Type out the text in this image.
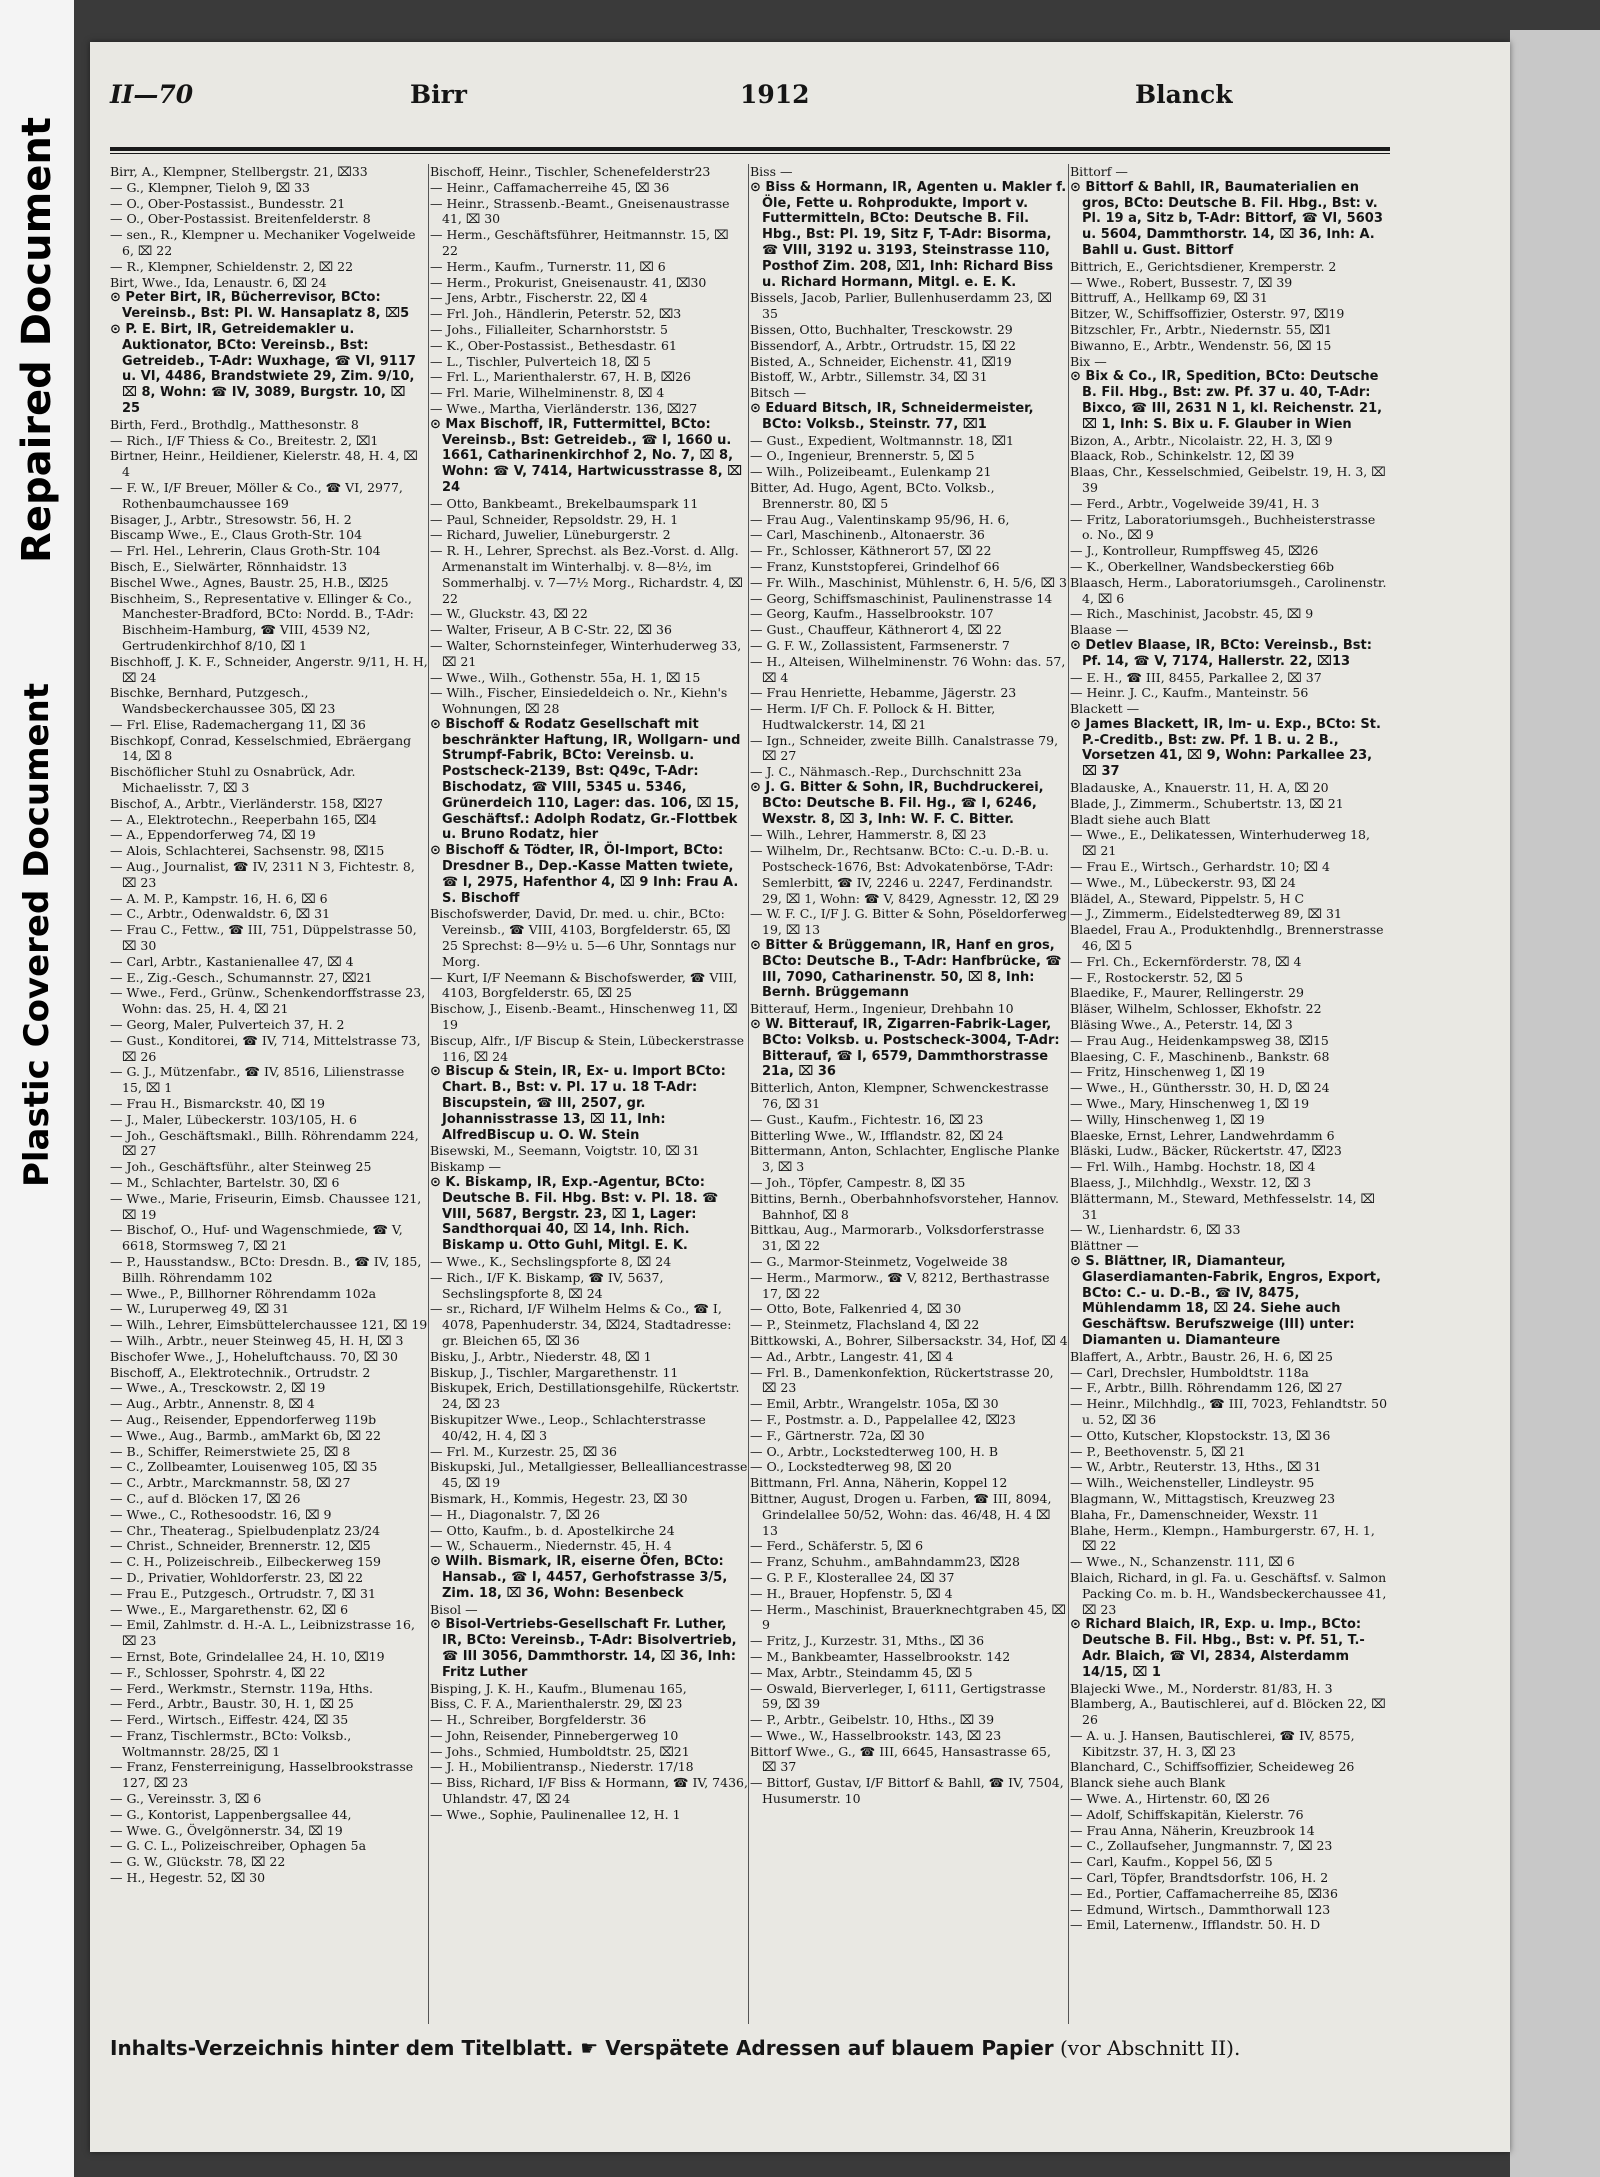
Repaired Document
Plastic Covered Document
II—70	Birr	1912	Blanck

Birr, A., Klempner, Stellbergstr. 21, ⌧33

— G., Klempner, Tieloh 9, ⌧ 33

— O., Ober-Postassist., Bundesstr. 21

— O., Ober-Postassist. Breitenfelderstr. 8

— sen., R., Klempner u. Mechaniker Vogelweide 6, ⌧ 22

— R., Klempner, Schieldenstr. 2, ⌧ 22

Birt, Wwe., Ida, Lenaustr. 6, ⌧ 24

⊙ Peter Birt, IR, Bücherrevisor, BCto: Vereinsb., Bst: Pl. W. Hansaplatz 8, ⌧5

⊙ P. E. Birt, IR, Getreidemakler u. Auktionator, BCto: Vereinsb., Bst: Getreideb., T-Adr: Wuxhage, ☎ VI, 9117 u. VI, 4486, Brandstwiete 29, Zim. 9/10, ⌧ 8, Wohn: ☎ IV, 3089, Burgstr. 10, ⌧ 25

Birth, Ferd., Brothdlg., Matthesonstr. 8

— Rich., I/F Thiess & Co., Breitestr. 2, ⌧1

Birtner, Heinr., Heildiener, Kielerstr. 48, H. 4, ⌧ 4

— F. W., I/F Breuer, Möller & Co., ☎ VI, 2977, Rothenbaumchaussee 169

Bisager, J., Arbtr., Stresowstr. 56, H. 2

Biscamp Wwe., E., Claus Groth-Str. 104

— Frl. Hel., Lehrerin, Claus Groth-Str. 104

Bisch, E., Sielwärter, Rönnhaidstr. 13

Bischel Wwe., Agnes, Baustr. 25, H.B., ⌧25

Bischheim, S., Representative v. Ellinger & Co., Manchester-Bradford, BCto: Nordd. B., T-Adr: Bischheim-Hamburg, ☎ VIII, 4539 N2, Gertrudenkirchhof 8/10, ⌧ 1

Bischhoff, J. K. F., Schneider, Angerstr. 9/11, H. H, ⌧ 24

Bischke, Bernhard, Putzgesch., Wandsbeckerchaussee 305, ⌧ 23

— Frl. Elise, Rademachergang 11, ⌧ 36

Bischkopf, Conrad, Kesselschmied, Ebräergang 14, ⌧ 8

Bischöflicher Stuhl zu Osnabrück, Adr. Michaelisstr. 7, ⌧ 3

Bischof, A., Arbtr., Vierländerstr. 158, ⌧27

— A., Elektrotechn., Reeperbahn 165, ⌧4

— A., Eppendorferweg 74, ⌧ 19

— Alois, Schlachterei, Sachsenstr. 98, ⌧15

— Aug., Journalist, ☎ IV, 2311 N 3, Fichtestr. 8, ⌧ 23

— A. M. P., Kampstr. 16, H. 6, ⌧ 6

— C., Arbtr., Odenwaldstr. 6, ⌧ 31

— Frau C., Fettw., ☎ III, 751, Düppelstrasse 50, ⌧ 30

— Carl, Arbtr., Kastanienallee 47, ⌧ 4

— E., Zig.-Gesch., Schumannstr. 27, ⌧21

— Wwe., Ferd., Grünw., Schenkendorffstrasse 23, Wohn: das. 25, H. 4, ⌧ 21

— Georg, Maler, Pulverteich 37, H. 2

— Gust., Konditorei, ☎ IV, 714, Mittelstrasse 73, ⌧ 26

— G. J., Mützenfabr., ☎ IV, 8516, Lilienstrasse 15, ⌧ 1

— Frau H., Bismarckstr. 40, ⌧ 19

— J., Maler, Lübeckerstr. 103/105, H. 6

— Joh., Geschäftsmakl., Billh. Röhrendamm 224, ⌧ 27

— Joh., Geschäftsführ., alter Steinweg 25

— M., Schlachter, Bartelstr. 30, ⌧ 6

— Wwe., Marie, Friseurin, Eimsb. Chaussee 121, ⌧ 19

— Bischof, O., Huf- und Wagenschmiede, ☎ V, 6618, Stormsweg 7, ⌧ 21

— P., Hausstandsw., BCto: Dresdn. B., ☎ IV, 185, Billh. Röhrendamm 102

— Wwe., P., Billhorner Röhrendamm 102a

— W., Luruperweg 49, ⌧ 31

— Wilh., Lehrer, Eimsbüttelerchaussee 121, ⌧ 19

— Wilh., Arbtr., neuer Steinweg 45, H. H, ⌧ 3

Bischofer Wwe., J., Hoheluftchauss. 70, ⌧ 30

Bischoff, A., Elektrotechnik., Ortrudstr. 2

— Wwe., A., Tresckowstr. 2, ⌧ 19

— Aug., Arbtr., Annenstr. 8, ⌧ 4

— Aug., Reisender, Eppendorferweg 119b

— Wwe., Aug., Barmb., amMarkt 6b, ⌧ 22

— B., Schiffer, Reimerstwiete 25, ⌧ 8

— C., Zollbeamter, Louisenweg 105, ⌧ 35

— C., Arbtr., Marckmannstr. 58, ⌧ 27

— C., auf d. Blöcken 17, ⌧ 26

— Wwe., C., Rothesoodstr. 16, ⌧ 9

— Chr., Theaterag., Spielbudenplatz 23/24

— Christ., Schneider, Brennerstr. 12, ⌧5

— C. H., Polizeischreib., Eilbeckerweg 159

— D., Privatier, Wohldorferstr. 23, ⌧ 22

— Frau E., Putzgesch., Ortrudstr. 7, ⌧ 31

— Wwe., E., Margarethenstr. 62, ⌧ 6

— Emil, Zahlmstr. d. H.-A. L., Leibnizstrasse 16, ⌧ 23

— Ernst, Bote, Grindelallee 24, H. 10, ⌧19

— F., Schlosser, Spohrstr. 4, ⌧ 22

— Ferd., Werkmstr., Sternstr. 119a, Hths.

— Ferd., Arbtr., Baustr. 30, H. 1, ⌧ 25

— Ferd., Wirtsch., Eiffestr. 424, ⌧ 35

— Franz, Tischlermstr., BCto: Volksb., Woltmannstr. 28/25, ⌧ 1

— Franz, Fensterreinigung, Hasselbrookstrasse 127, ⌧ 23

— G., Vereinsstr. 3, ⌧ 6

— G., Kontorist, Lappenbergsallee 44,

— Wwe. G., Övelgönnerstr. 34, ⌧ 19

— G. C. L., Polizeischreiber, Ophagen 5a

— G. W., Glückstr. 78, ⌧ 22

— H., Hegestr. 52, ⌧ 30

Bischoff, Heinr., Tischler, Schenefelderstr23

— Heinr., Caffamacherreihe 45, ⌧ 36

— Heinr., Strassenb.-Beamt., Gneisenaustrasse 41, ⌧ 30

— Herm., Geschäftsführer, Heitmannstr. 15, ⌧ 22

— Herm., Kaufm., Turnerstr. 11, ⌧ 6

— Herm., Prokurist, Gneisenaustr. 41, ⌧30

— Jens, Arbtr., Fischerstr. 22, ⌧ 4

— Frl. Joh., Händlerin, Peterstr. 52, ⌧3

— Johs., Filialleiter, Scharnhorststr. 5

— K., Ober-Postassist., Bethesdastr. 61

— L., Tischler, Pulverteich 18, ⌧ 5

— Frl. L., Marienthalerstr. 67, H. B, ⌧26

— Frl. Marie, Wilhelminenstr. 8, ⌧ 4

— Wwe., Martha, Vierländerstr. 136, ⌧27

⊙ Max Bischoff, IR, Futtermittel, BCto: Vereinsb., Bst: Getreideb., ☎ I, 1660 u. 1661, Catharinenkirchhof 2, No. 7, ⌧ 8, Wohn: ☎ V, 7414, Hartwicusstrasse 8, ⌧ 24

— Otto, Bankbeamt., Brekelbaumspark 11

— Paul, Schneider, Repsoldstr. 29, H. 1

— Richard, Juwelier, Lüneburgerstr. 2

— R. H., Lehrer, Sprechst. als Bez.-Vorst. d. Allg. Armenanstalt im Winterhalbj. v. 8—8½, im Sommerhalbj. v. 7—7½ Morg., Richardstr. 4, ⌧ 22

— W., Gluckstr. 43, ⌧ 22

— Walter, Friseur, A B C-Str. 22, ⌧ 36

— Walter, Schornsteinfeger, Winterhuderweg 33, ⌧ 21

— Wwe., Wilh., Gothenstr. 55a, H. 1, ⌧ 15

— Wilh., Fischer, Einsiedeldeich o. Nr., Kiehn's Wohnungen, ⌧ 28

⊙ Bischoff & Rodatz Gesellschaft mit beschränkter Haftung, IR, Wollgarn- und Strumpf-Fabrik, BCto: Vereinsb. u. Postscheck-2139, Bst: Q49c, T-Adr: Bischodatz, ☎ VIII, 5345 u. 5346, Grünerdeich 110, Lager: das. 106, ⌧ 15, Geschäftsf.: Adolph Rodatz, Gr.-Flottbek u. Bruno Rodatz, hier

⊙ Bischoff & Tödter, IR, Öl-Import, BCto: Dresdner B., Dep.-Kasse Matten twiete, ☎ I, 2975, Hafenthor 4, ⌧ 9 Inh: Frau A. S. Bischoff

Bischofswerder, David, Dr. med. u. chir., BCto: Vereinsb., ☎ VIII, 4103, Borgfelderstr. 65, ⌧ 25 Sprechst: 8—9½ u. 5—6 Uhr, Sonntags nur Morg.

— Kurt, I/F Neemann & Bischofswerder, ☎ VIII, 4103, Borgfelderstr. 65, ⌧ 25

Bischow, J., Eisenb.-Beamt., Hinschenweg 11, ⌧ 19

Biscup, Alfr., I/F Biscup & Stein, Lübeckerstrasse 116, ⌧ 24

⊙ Biscup & Stein, IR, Ex- u. Import BCto: Chart. B., Bst: v. Pl. 17 u. 18 T-Adr: Biscupstein, ☎ III, 2507, gr. Johannisstrasse 13, ⌧ 11, Inh: AlfredBiscup u. O. W. Stein

Bisewski, M., Seemann, Voigtstr. 10, ⌧ 31

Biskamp —

⊙ K. Biskamp, IR, Exp.-Agentur, BCto: Deutsche B. Fil. Hbg. Bst: v. Pl. 18. ☎ VIII, 5687, Bergstr. 23, ⌧ 1, Lager: Sandthorquai 40, ⌧ 14, Inh. Rich. Biskamp u. Otto Guhl, Mitgl. E. K.

— Wwe., K., Sechslingspforte 8, ⌧ 24

— Rich., I/F K. Biskamp, ☎ IV, 5637, Sechslingspforte 8, ⌧ 24

— sr., Richard, I/F Wilhelm Helms & Co., ☎ I, 4078, Papenhuderstr. 34, ⌧24, Stadtadresse: gr. Bleichen 65, ⌧ 36

Bisku, J., Arbtr., Niederstr. 48, ⌧ 1

Biskup, J., Tischler, Margarethenstr. 11

Biskupek, Erich, Destillationsgehilfe, Rückertstr. 24, ⌧ 23

Biskupitzer Wwe., Leop., Schlachterstrasse 40/42, H. 4, ⌧ 3

— Frl. M., Kurzestr. 25, ⌧ 36

Biskupski, Jul., Metallgiesser, Bellealliancestrasse 45, ⌧ 19

Bismark, H., Kommis, Hegestr. 23, ⌧ 30

— H., Diagonalstr. 7, ⌧ 26

— Otto, Kaufm., b. d. Apostelkirche 24

— W., Schauerm., Niedernstr. 45, H. 4

⊙ Wilh. Bismark, IR, eiserne Öfen, BCto: Hansab., ☎ I, 4457, Gerhofstrasse 3/5, Zim. 18, ⌧ 36, Wohn: Besenbeck

Bisol —

⊙ Bisol-Vertriebs-Gesellschaft Fr. Luther, IR, BCto: Vereinsb., T-Adr: Bisolvertrieb, ☎ III 3056, Dammthorstr. 14, ⌧ 36, Inh: Fritz Luther

Bisping, J. K. H., Kaufm., Blumenau 165,

Biss, C. F. A., Marienthalerstr. 29, ⌧ 23

— H., Schreiber, Borgfelderstr. 36

— John, Reisender, Pinnebergerweg 10

— Johs., Schmied, Humboldtstr. 25, ⌧21

— J. H., Mobilientransp., Niederstr. 17/18

— Biss, Richard, I/F Biss & Hormann, ☎ IV, 7436, Uhlandstr. 47, ⌧ 24

— Wwe., Sophie, Paulinenallee 12, H. 1

Biss —

⊙ Biss & Hormann, IR, Agenten u. Makler f. Öle, Fette u. Rohprodukte, Import v. Futtermitteln, BCto: Deutsche B. Fil. Hbg., Bst: Pl. 19, Sitz F, T-Adr: Bisorma, ☎ VIII, 3192 u. 3193, Steinstrasse 110, Posthof Zim. 208, ⌧1, Inh: Richard Biss u. Richard Hormann, Mitgl. e. E. K.

Bissels, Jacob, Parlier, Bullenhuserdamm 23, ⌧ 35

Bissen, Otto, Buchhalter, Tresckowstr. 29

Bissendorf, A., Arbtr., Ortrudstr. 15, ⌧ 22

Bisted, A., Schneider, Eichenstr. 41, ⌧19

Bistoff, W., Arbtr., Sillemstr. 34, ⌧ 31

Bitsch —

⊙ Eduard Bitsch, IR, Schneidermeister, BCto: Volksb., Steinstr. 77, ⌧1

— Gust., Expedient, Woltmannstr. 18, ⌧1

— O., Ingenieur, Brennerstr. 5, ⌧ 5

— Wilh., Polizeibeamt., Eulenkamp 21

Bitter, Ad. Hugo, Agent, BCto. Volksb., Brennerstr. 80, ⌧ 5

— Frau Aug., Valentinskamp 95/96, H. 6,

— Carl, Maschinenb., Altonaerstr. 36

— Fr., Schlosser, Käthnerort 57, ⌧ 22

— Franz, Kunststopferei, Grindelhof 66

— Fr. Wilh., Maschinist, Mühlenstr. 6, H. 5/6, ⌧ 3

— Georg, Schiffsmaschinist, Paulinenstrasse 14

— Georg, Kaufm., Hasselbrookstr. 107

— Gust., Chauffeur, Käthnerort 4, ⌧ 22

— G. F. W., Zollassistent, Farmsenerstr. 7

— H., Alteisen, Wilhelminenstr. 76 Wohn: das. 57, ⌧ 4

— Frau Henriette, Hebamme, Jägerstr. 23

— Herm. I/F Ch. F. Pollock & H. Bitter, Hudtwalckerstr. 14, ⌧ 21

— Ign., Schneider, zweite Billh. Canalstrasse 79, ⌧ 27

— J. C., Nähmasch.-Rep., Durchschnitt 23a

⊙ J. G. Bitter & Sohn, IR, Buchdruckerei, BCto: Deutsche B. Fil. Hg., ☎ I, 6246, Wexstr. 8, ⌧ 3, Inh: W. F. C. Bitter.

— Wilh., Lehrer, Hammerstr. 8, ⌧ 23

— Wilhelm, Dr., Rechtsanw. BCto: C.-u. D.-B. u. Postscheck-1676, Bst: Advokatenbörse, T-Adr: Semlerbitt, ☎ IV, 2246 u. 2247, Ferdinandstr. 29, ⌧ 1, Wohn: ☎ V, 8429, Agnesstr. 12, ⌧ 29

— W. F. C., I/F J. G. Bitter & Sohn, Pöseldorferweg 19, ⌧ 13

⊙ Bitter & Brüggemann, IR, Hanf en gros, BCto: Deutsche B., T-Adr: Hanfbrücke, ☎ III, 7090, Catharinenstr. 50, ⌧ 8, Inh: Bernh. Brüggemann

Bitterauf, Herm., Ingenieur, Drehbahn 10

⊙ W. Bitterauf, IR, Zigarren-Fabrik-Lager, BCto: Volksb. u. Postscheck-3004, T-Adr: Bitterauf, ☎ I, 6579, Dammthorstrasse 21a, ⌧ 36

Bitterlich, Anton, Klempner, Schwenckestrasse 76, ⌧ 31

— Gust., Kaufm., Fichtestr. 16, ⌧ 23

Bitterling Wwe., W., Ifflandstr. 82, ⌧ 24

Bittermann, Anton, Schlachter, Englische Planke 3, ⌧ 3

— Joh., Töpfer, Campestr. 8, ⌧ 35

Bittins, Bernh., Oberbahnhofsvorsteher, Hannov. Bahnhof, ⌧ 8

Bittkau, Aug., Marmorarb., Volksdorferstrasse 31, ⌧ 22

— G., Marmor-Steinmetz, Vogelweide 38

— Herm., Marmorw., ☎ V, 8212, Berthastrasse 17, ⌧ 22

— Otto, Bote, Falkenried 4, ⌧ 30

— P., Steinmetz, Flachsland 4, ⌧ 22

Bittkowski, A., Bohrer, Silbersackstr. 34, Hof, ⌧ 4

— Ad., Arbtr., Langestr. 41, ⌧ 4

— Frl. B., Damenkonfektion, Rückertstrasse 20, ⌧ 23

— Emil, Arbtr., Wrangelstr. 105a, ⌧ 30

— F., Postmstr. a. D., Pappelallee 42, ⌧23

— F., Gärtnerstr. 72a, ⌧ 30

— O., Arbtr., Lockstedterweg 100, H. B

— O., Lockstedterweg 98, ⌧ 20

Bittmann, Frl. Anna, Näherin, Koppel 12

Bittner, August, Drogen u. Farben, ☎ III, 8094, Grindelallee 50/52, Wohn: das. 46/48, H. 4 ⌧ 13

— Ferd., Schäferstr. 5, ⌧ 6

— Franz, Schuhm., amBahndamm23, ⌧28

— G. P. F., Klosterallee 24, ⌧ 37

— H., Brauer, Hopfenstr. 5, ⌧ 4

— Herm., Maschinist, Brauerknechtgraben 45, ⌧ 9

— Fritz, J., Kurzestr. 31, Mths., ⌧ 36

— M., Bankbeamter, Hasselbrookstr. 142

— Max, Arbtr., Steindamm 45, ⌧ 5

— Oswald, Bierverleger, I, 6111, Gertigstrasse 59, ⌧ 39

— P., Arbtr., Geibelstr. 10, Hths., ⌧ 39

— Wwe., W., Hasselbrookstr. 143, ⌧ 23

Bittorf Wwe., G., ☎ III, 6645, Hansastrasse 65, ⌧ 37

— Bittorf, Gustav, I/F Bittorf & Bahll, ☎ IV, 7504, Husumerstr. 10

Bittorf —

⊙ Bittorf & Bahll, IR, Baumaterialien en gros, BCto: Deutsche B. Fil. Hbg., Bst: v. Pl. 19 a, Sitz b, T-Adr: Bittorf, ☎ VI, 5603 u. 5604, Dammthorstr. 14, ⌧ 36, Inh: A. Bahll u. Gust. Bittorf

Bittrich, E., Gerichtsdiener, Kremperstr. 2

— Wwe., Robert, Bussestr. 7, ⌧ 39

Bittruff, A., Hellkamp 69, ⌧ 31

Bitzer, W., Schiffsoffizier, Osterstr. 97, ⌧19

Bitzschler, Fr., Arbtr., Niedernstr. 55, ⌧1

Biwanno, E., Arbtr., Wendenstr. 56, ⌧ 15

Bix —

⊙ Bix & Co., IR, Spedition, BCto: Deutsche B. Fil. Hbg., Bst: zw. Pf. 37 u. 40, T-Adr: Bixco, ☎ III, 2631 N 1, kl. Reichenstr. 21, ⌧ 1, Inh: S. Bix u. F. Glauber in Wien

Bizon, A., Arbtr., Nicolaistr. 22, H. 3, ⌧ 9

Blaack, Rob., Schinkelstr. 12, ⌧ 39

Blaas, Chr., Kesselschmied, Geibelstr. 19, H. 3, ⌧ 39

— Ferd., Arbtr., Vogelweide 39/41, H. 3

— Fritz, Laboratoriumsgeh., Buchheisterstrasse o. No., ⌧ 9

— J., Kontrolleur, Rumpffsweg 45, ⌧26

— K., Oberkellner, Wandsbeckerstieg 66b

Blaasch, Herm., Laboratoriumsgeh., Carolinenstr. 4, ⌧ 6

— Rich., Maschinist, Jacobstr. 45, ⌧ 9

Blaase —

⊙ Detlev Blaase, IR, BCto: Vereinsb., Bst: Pf. 14, ☎ V, 7174, Hallerstr. 22, ⌧13

— E. H., ☎ III, 8455, Parkallee 2, ⌧ 37

— Heinr. J. C., Kaufm., Manteinstr. 56

Blackett —

⊙ James Blackett, IR, Im- u. Exp., BCto: St. P.-Creditb., Bst: zw. Pf. 1 B. u. 2 B., Vorsetzen 41, ⌧ 9, Wohn: Parkallee 23, ⌧ 37

Bladauske, A., Knauerstr. 11, H. A, ⌧ 20

Blade, J., Zimmerm., Schubertstr. 13, ⌧ 21

Bladt siehe auch Blatt

— Wwe., E., Delikatessen, Winterhuderweg 18, ⌧ 21

— Frau E., Wirtsch., Gerhardstr. 10; ⌧ 4

— Wwe., M., Lübeckerstr. 93, ⌧ 24

Blädel, A., Steward, Pippelstr. 5, H C

— J., Zimmerm., Eidelstedterweg 89, ⌧ 31

Blaedel, Frau A., Produktenhdlg., Brennerstrasse 46, ⌧ 5

— Frl. Ch., Eckernförderstr. 78, ⌧ 4

— F., Rostockerstr. 52, ⌧ 5

Blaedike, F., Maurer, Rellingerstr. 29

Bläser, Wilhelm, Schlosser, Ekhofstr. 22

Bläsing Wwe., A., Peterstr. 14, ⌧ 3

— Frau Aug., Heidenkampsweg 38, ⌧15

Blaesing, C. F., Maschinenb., Bankstr. 68

— Fritz, Hinschenweg 1, ⌧ 19

— Wwe., H., Günthersstr. 30, H. D, ⌧ 24

— Wwe., Mary, Hinschenweg 1, ⌧ 19

— Willy, Hinschenweg 1, ⌧ 19

Blaeske, Ernst, Lehrer, Landwehrdamm 6

Bläski, Ludw., Bäcker, Rückertstr. 47, ⌧23

— Frl. Wilh., Hambg. Hochstr. 18, ⌧ 4

Blaess, J., Milchhdlg., Wexstr. 12, ⌧ 3

Blättermann, M., Steward, Methfesselstr. 14, ⌧ 31

— W., Lienhardstr. 6, ⌧ 33

Blättner —

⊙ S. Blättner, IR, Diamanteur, Glaserdiamanten-Fabrik, Engros, Export, BCto: C.- u. D.-B., ☎ IV, 8475, Mühlendamm 18, ⌧ 24. Siehe auch Geschäftsw. Berufszweige (III) unter: Diamanten u. Diamanteure

Blaffert, A., Arbtr., Baustr. 26, H. 6, ⌧ 25

— Carl, Drechsler, Humboldtstr. 118a

— F., Arbtr., Billh. Röhrendamm 126, ⌧ 27

— Heinr., Milchhdlg., ☎ III, 7023, Fehlandtstr. 50 u. 52, ⌧ 36

— Otto, Kutscher, Klopstockstr. 13, ⌧ 36

— P., Beethovenstr. 5, ⌧ 21

— W., Arbtr., Reuterstr. 13, Hths., ⌧ 31

— Wilh., Weichensteller, Lindleystr. 95

Blagmann, W., Mittagstisch, Kreuzweg 23

Blaha, Fr., Damenschneider, Wexstr. 11

Blahe, Herm., Klempn., Hamburgerstr. 67, H. 1, ⌧ 22

— Wwe., N., Schanzenstr. 111, ⌧ 6

Blaich, Richard, in gl. Fa. u. Geschäftsf. v. Salmon Packing Co. m. b. H., Wandsbeckerchaussee 41, ⌧ 23

⊙ Richard Blaich, IR, Exp. u. Imp., BCto: Deutsche B. Fil. Hbg., Bst: v. Pf. 51, T.-Adr. Blaich, ☎ VI, 2834, Alsterdamm 14/15, ⌧ 1

Blajecki Wwe., M., Norderstr. 81/83, H. 3

Blamberg, A., Bautischlerei, auf d. Blöcken 22, ⌧ 26

— A. u. J. Hansen, Bautischlerei, ☎ IV, 8575, Kibitzstr. 37, H. 3, ⌧ 23

Blanchard, C., Schiffsoffizier, Scheideweg 26

Blanck siehe auch Blank

— Wwe. A., Hirtenstr. 60, ⌧ 26

— Adolf, Schiffskapitän, Kielerstr. 76

— Frau Anna, Näherin, Kreuzbrook 14

— C., Zollaufseher, Jungmannstr. 7, ⌧ 23

— Carl, Kaufm., Koppel 56, ⌧ 5

— Carl, Töpfer, Brandtsdorfstr. 106, H. 2

— Ed., Portier, Caffamacherreihe 85, ⌧36

— Edmund, Wirtsch., Dammthorwall 123

— Emil, Laternenw., Ifflandstr. 50. H. D

Inhalts-Verzeichnis hinter dem Titelblatt. ☛ Verspätete Adressen auf blauem Papier (vor Abschnitt II).
